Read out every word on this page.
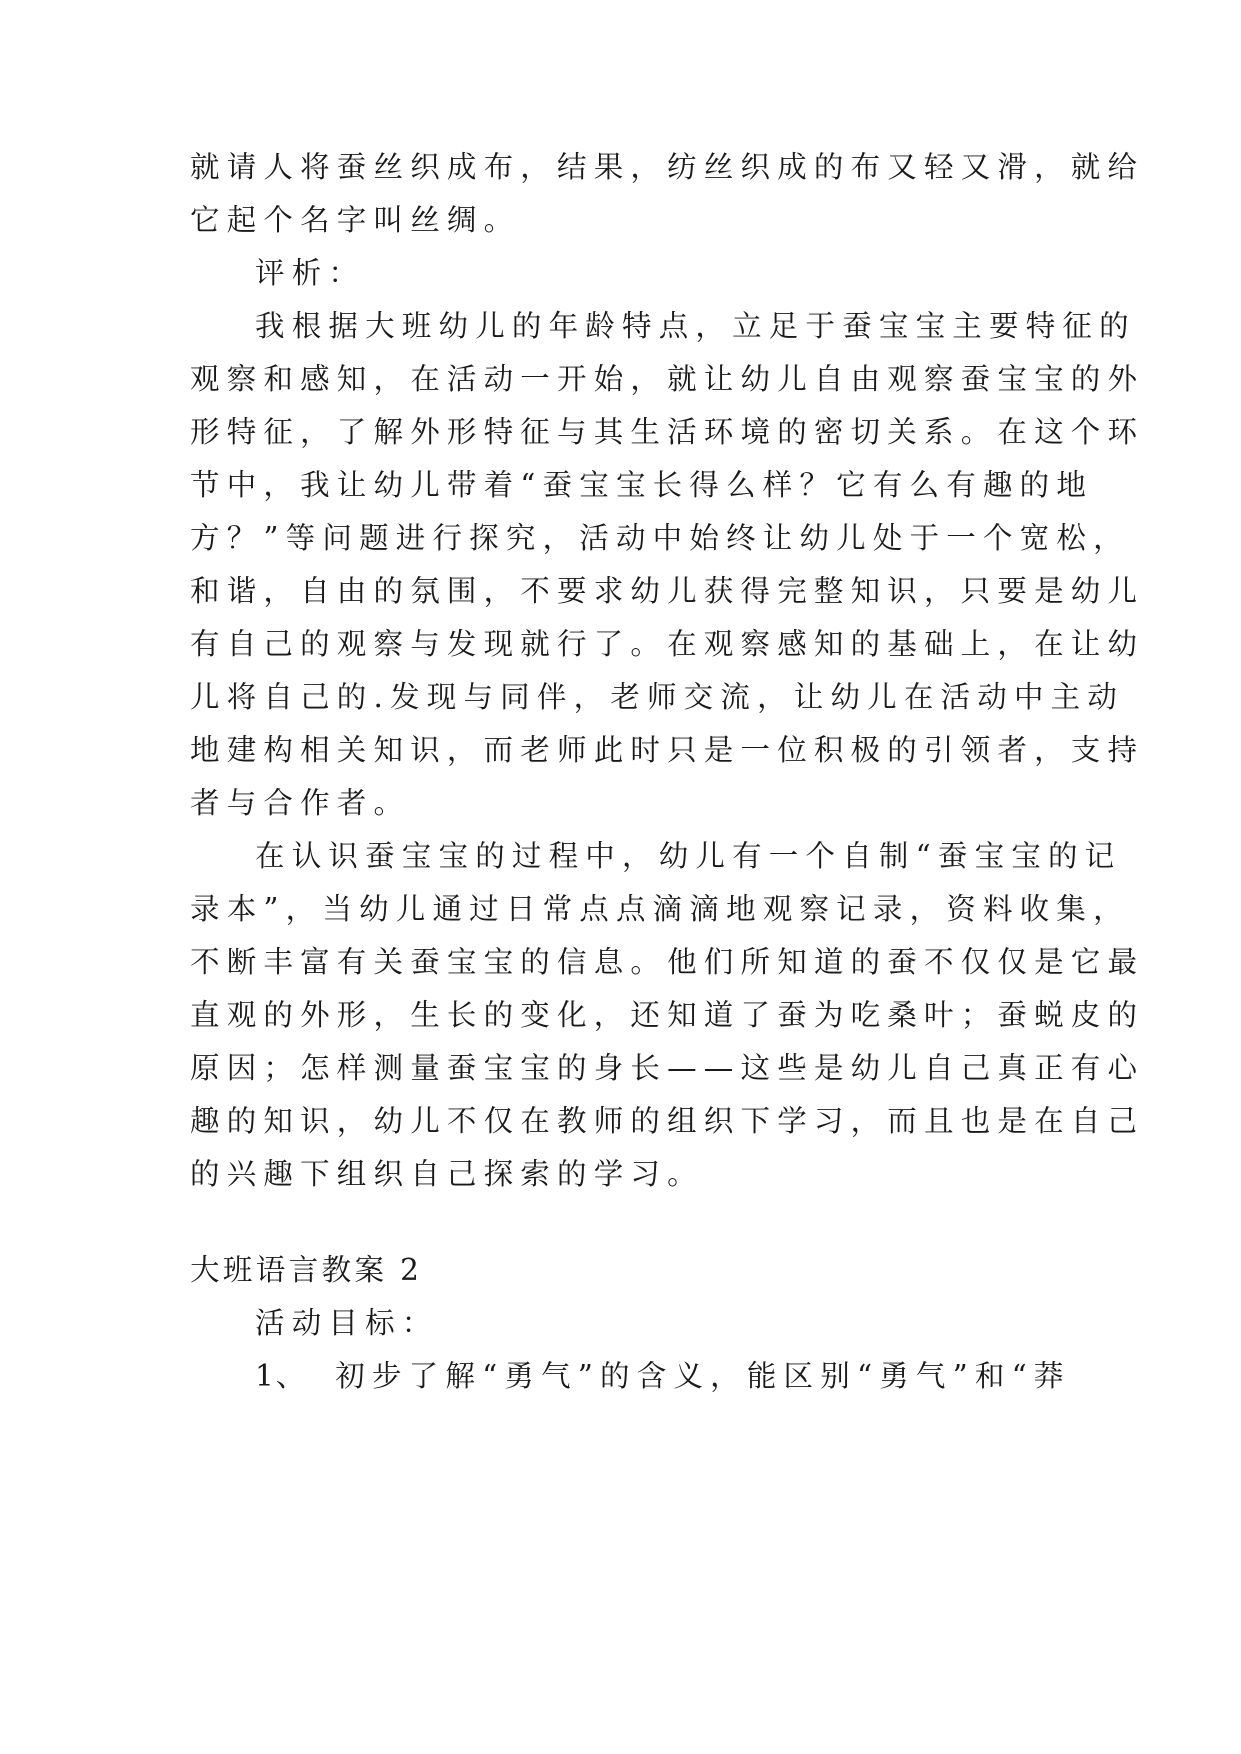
就请人将蚕丝织成布，结果，纺丝织成的布又轻又滑，就给

它起个名字叫丝绸。

评析：

我根据大班幼儿的年龄特点，立足于蚕宝宝主要特征的

观察和感知，在活动一开始，就让幼儿自由观察蚕宝宝的外

形特征，了解外形特征与其生活环境的密切关系。在这个环

节中，我让幼儿带着“蚕宝宝长得么样？它有么有趣的地

方？”等问题进行探究，活动中始终让幼儿处于一个宽松，

和谐，自由的氛围，不要求幼儿获得完整知识，只要是幼儿

有自己的观察与发现就行了。在观察感知的基础上，在让幼

儿将自己的.发现与同伴，老师交流，让幼儿在活动中主动

地建构相关知识，而老师此时只是一位积极的引领者，支持

者与合作者。

在认识蚕宝宝的过程中，幼儿有一个自制“蚕宝宝的记

录本”，当幼儿通过日常点点滴滴地观察记录，资料收集，

不断丰富有关蚕宝宝的信息。他们所知道的蚕不仅仅是它最

直观的外形，生长的变化，还知道了蚕为吃桑叶；蚕蜕皮的

原因；怎样测量蚕宝宝的身长——这些是幼儿自己真正有心

趣的知识，幼儿不仅在教师的组织下学习，而且也是在自己

的兴趣下组织自己探索的学习。

大班语言教案 2

活动目标：

1、 初步了解“勇气”的含义，能区别“勇气”和“莽
